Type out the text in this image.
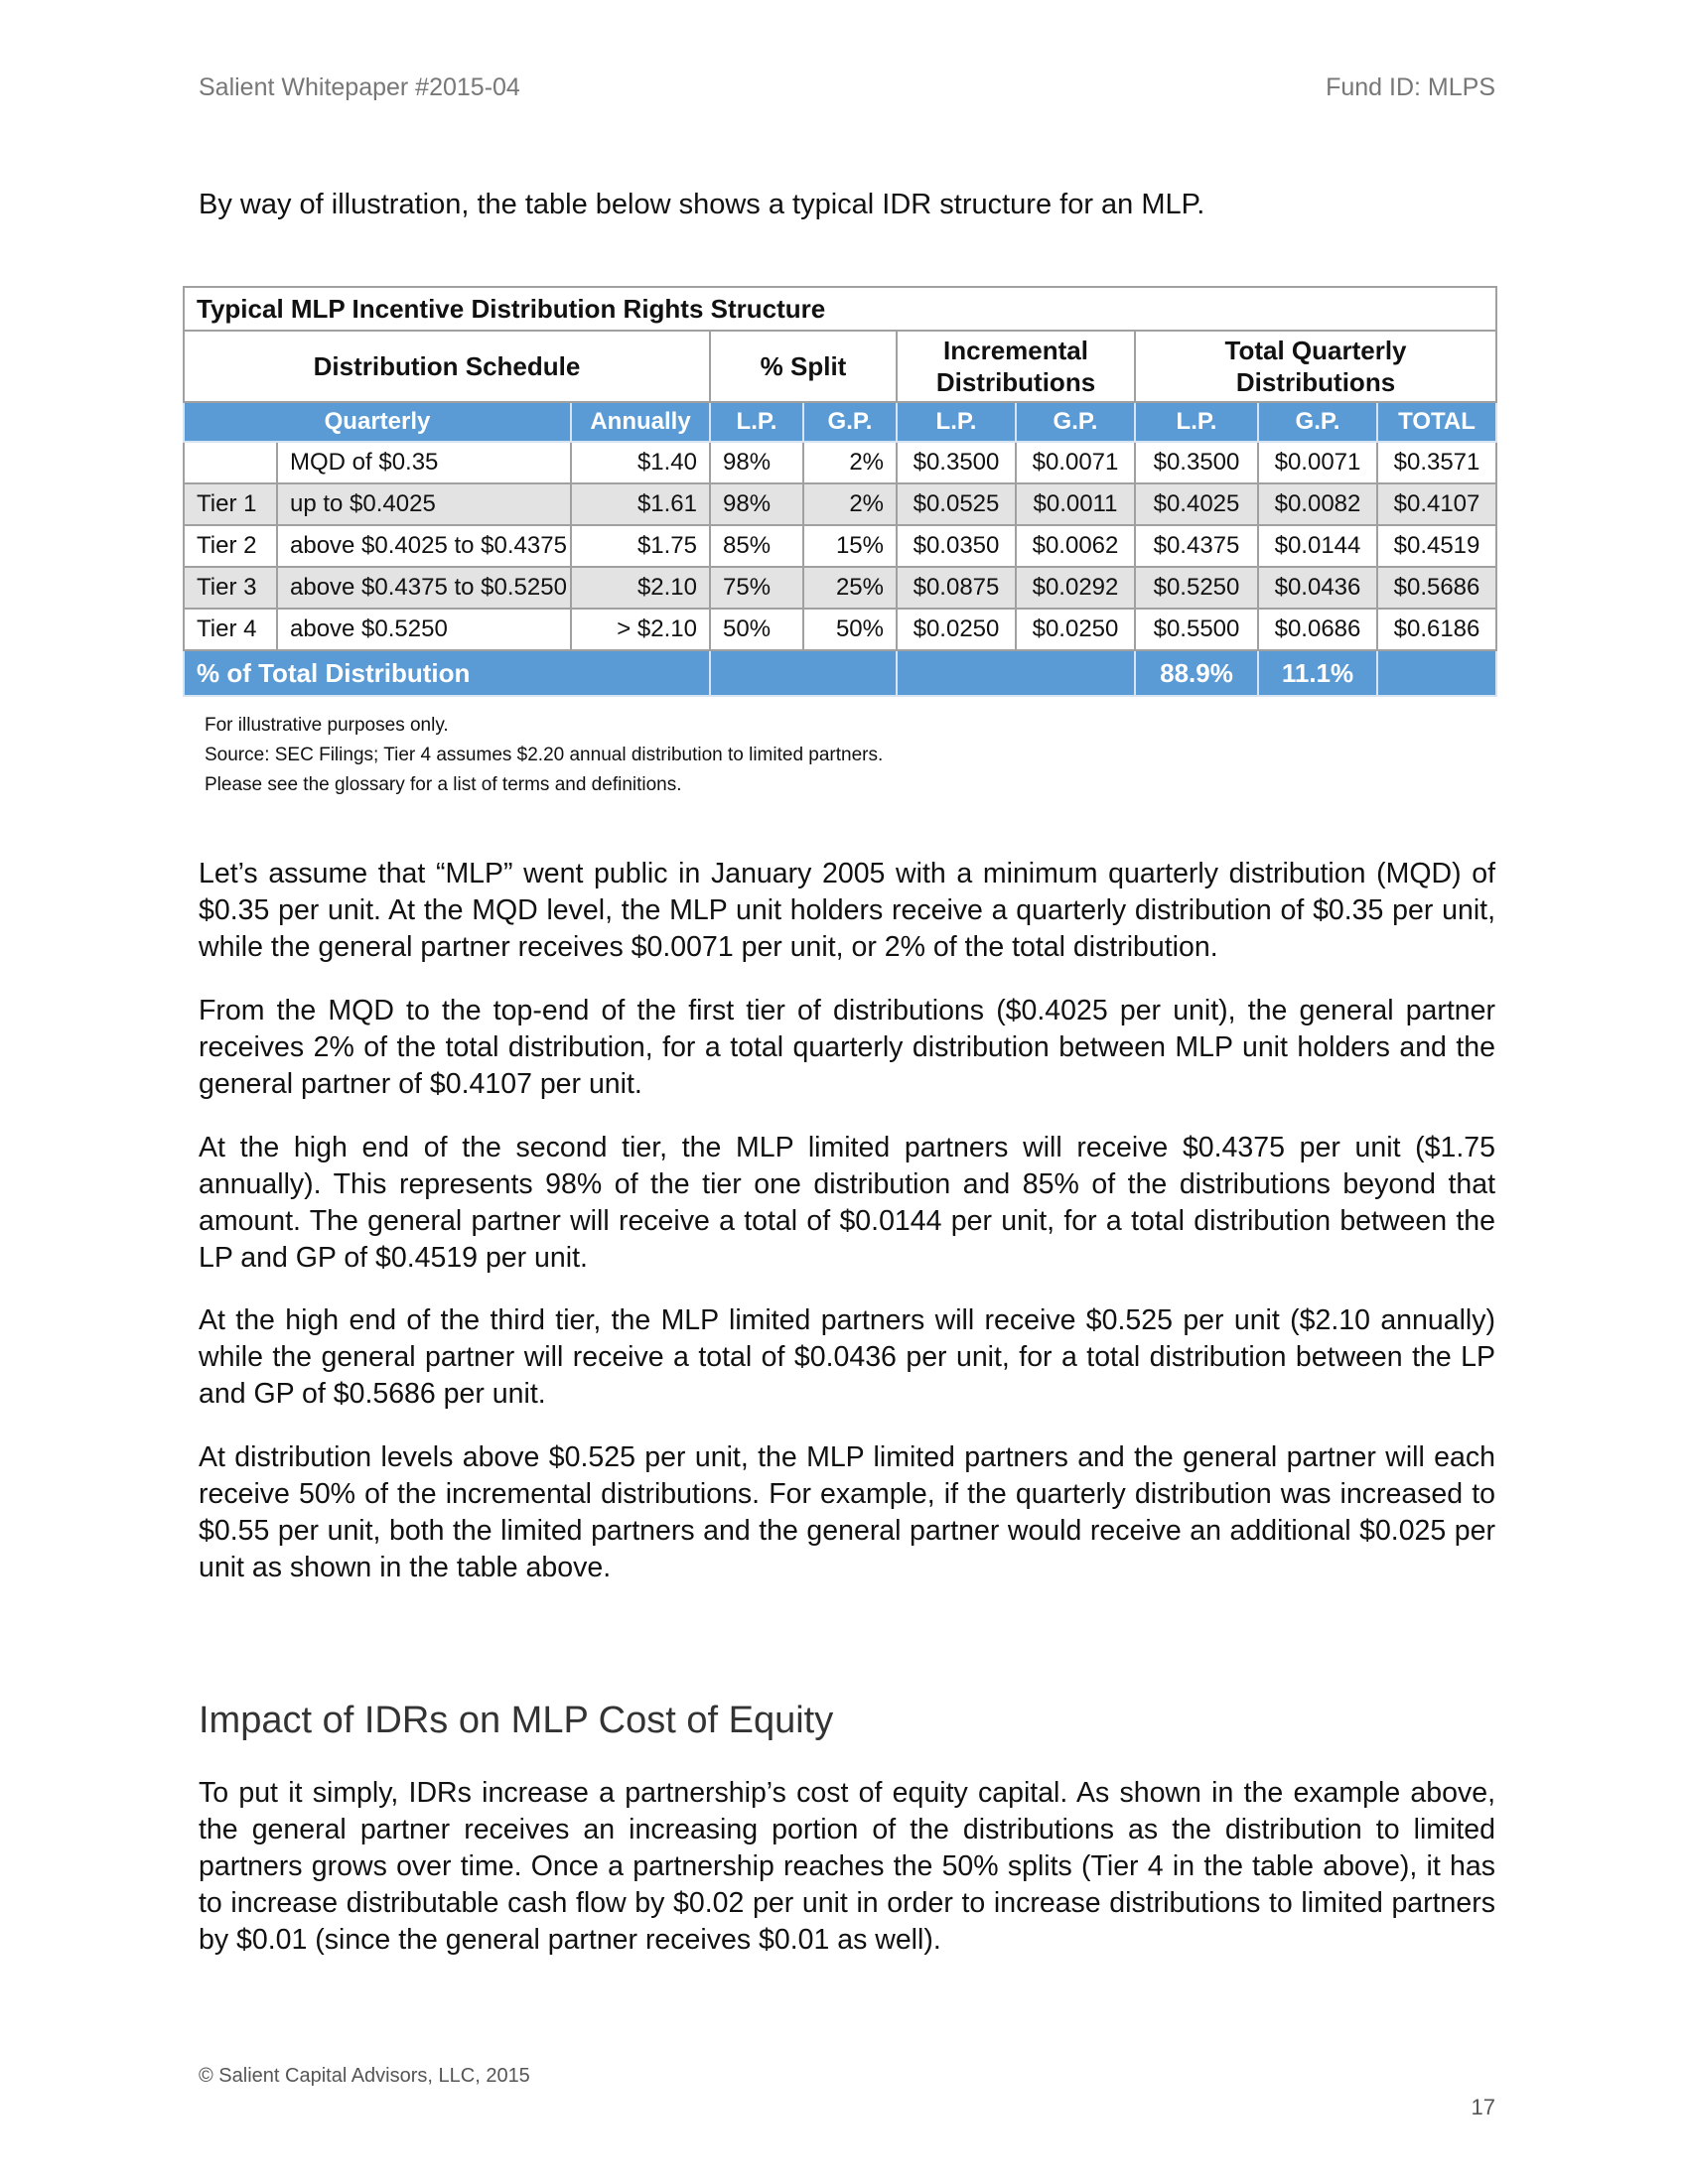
Salient Whitepaper #2015-04	Fund ID: MLPS
By way of illustration, the table below shows a typical IDR structure for an MLP.
Typical MLP Incentive Distribution Rights Structure									
Distribution Schedule			% Split		Incremental Distributions		Total Quarterly Distributions		
Quarterly		Annually	L.P.	G.P.	L.P.	G.P.	L.P.	G.P.	TOTAL
	MQD of $0.35	$1.40	98%	2%	$0.3500	$0.0071	$0.3500	$0.0071	$0.3571
Tier 1	up to $0.4025	$1.61	98%	2%	$0.0525	$0.0011	$0.4025	$0.0082	$0.4107
Tier 2	above $0.4025 to $0.4375	$1.75	85%	15%	$0.0350	$0.0062	$0.4375	$0.0144	$0.4519
Tier 3	above $0.4375 to $0.5250	$2.10	75%	25%	$0.0875	$0.0292	$0.5250	$0.0436	$0.5686
Tier 4	above $0.5250	> $2.10	50%	50%	$0.0250	$0.0250	$0.5500	$0.0686	$0.6186
% of Total Distribution							88.9%	11.1%	
For illustrative purposes only.
Source: SEC Filings; Tier 4 assumes $2.20 annual distribution to limited partners.
Please see the glossary for a list of terms and definitions.
Let’s assume that “MLP” went public in January 2005 with a minimum quarterly distribution (MQD) of $0.35 per unit. At the MQD level, the MLP unit holders receive a quarterly distribution of $0.35 per unit, while the general partner receives $0.0071 per unit, or 2% of the total distribution.
From the MQD to the top-end of the first tier of distributions ($0.4025 per unit), the general partner receives 2% of the total distribution, for a total quarterly distribution between MLP unit holders and the general partner of $0.4107 per unit.
At the high end of the second tier, the MLP limited partners will receive $0.4375 per unit ($1.75 annually). This represents 98% of the tier one distribution and 85% of the distributions beyond that amount. The general partner will receive a total of $0.0144 per unit, for a total distribution between the LP and GP of $0.4519 per unit.
At the high end of the third tier, the MLP limited partners will receive $0.525 per unit ($2.10 annually) while the general partner will receive a total of $0.0436 per unit, for a total distribution between the LP and GP of $0.5686 per unit.
At distribution levels above $0.525 per unit, the MLP limited partners and the general partner will each receive 50% of the incremental distributions. For example, if the quarterly distribution was increased to $0.55 per unit, both the limited partners and the general partner would receive an additional $0.025 per unit as shown in the table above.
Impact of IDRs on MLP Cost of Equity
To put it simply, IDRs increase a partnership’s cost of equity capital. As shown in the example above, the general partner receives an increasing portion of the distributions as the distribution to limited partners grows over time. Once a partnership reaches the 50% splits (Tier 4 in the table above), it has to increase distributable cash flow by $0.02 per unit in order to increase distributions to limited partners by $0.01 (since the general partner receives $0.01 as well).
© Salient Capital Advisors, LLC, 2015
17
